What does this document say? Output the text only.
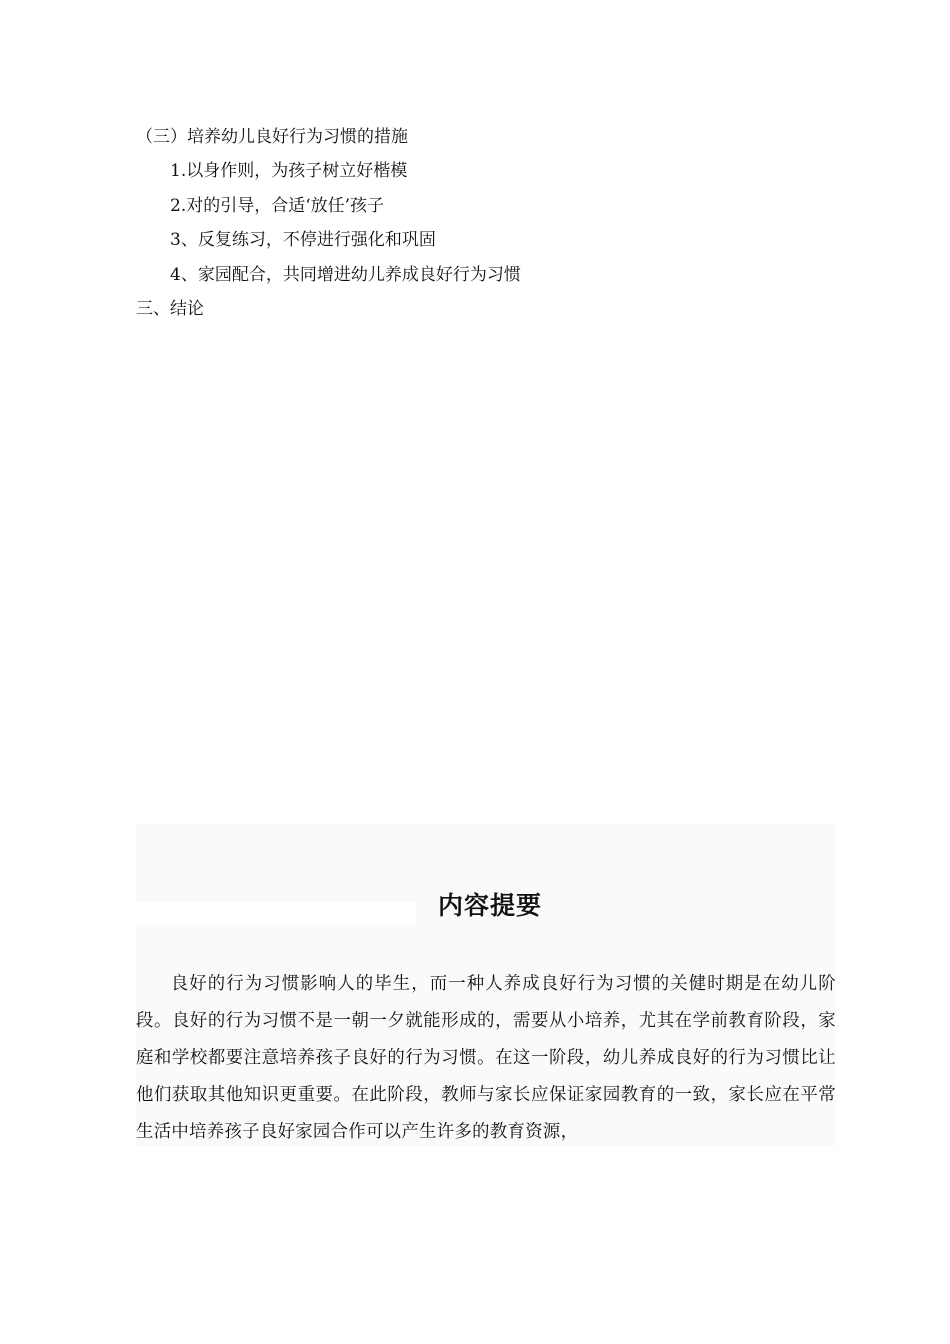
（三）培养幼儿良好行为习惯的措施
1.以身作则，为孩子树立好楷模
2.对的引导，合适‘放任’孩子
3、反复练习，不停进行强化和巩固
4、家园配合，共同增进幼儿养成良好行为习惯
三、结论
内容提要
良好的行为习惯影响人的毕生，而一种人养成良好行为习惯的关健时期是在幼儿阶段。良好的行为习惯不是一朝一夕就能形成的，需要从小培养，尤其在学前教育阶段，家庭和学校都要注意培养孩子良好的行为习惯。在这一阶段，幼儿养成良好的行为习惯比让他们获取其他知识更重要。在此阶段，教师与家长应保证家园教育的一致，家长应在平常生活中培养孩子良好家园合作可以产生许多的教育资源，
